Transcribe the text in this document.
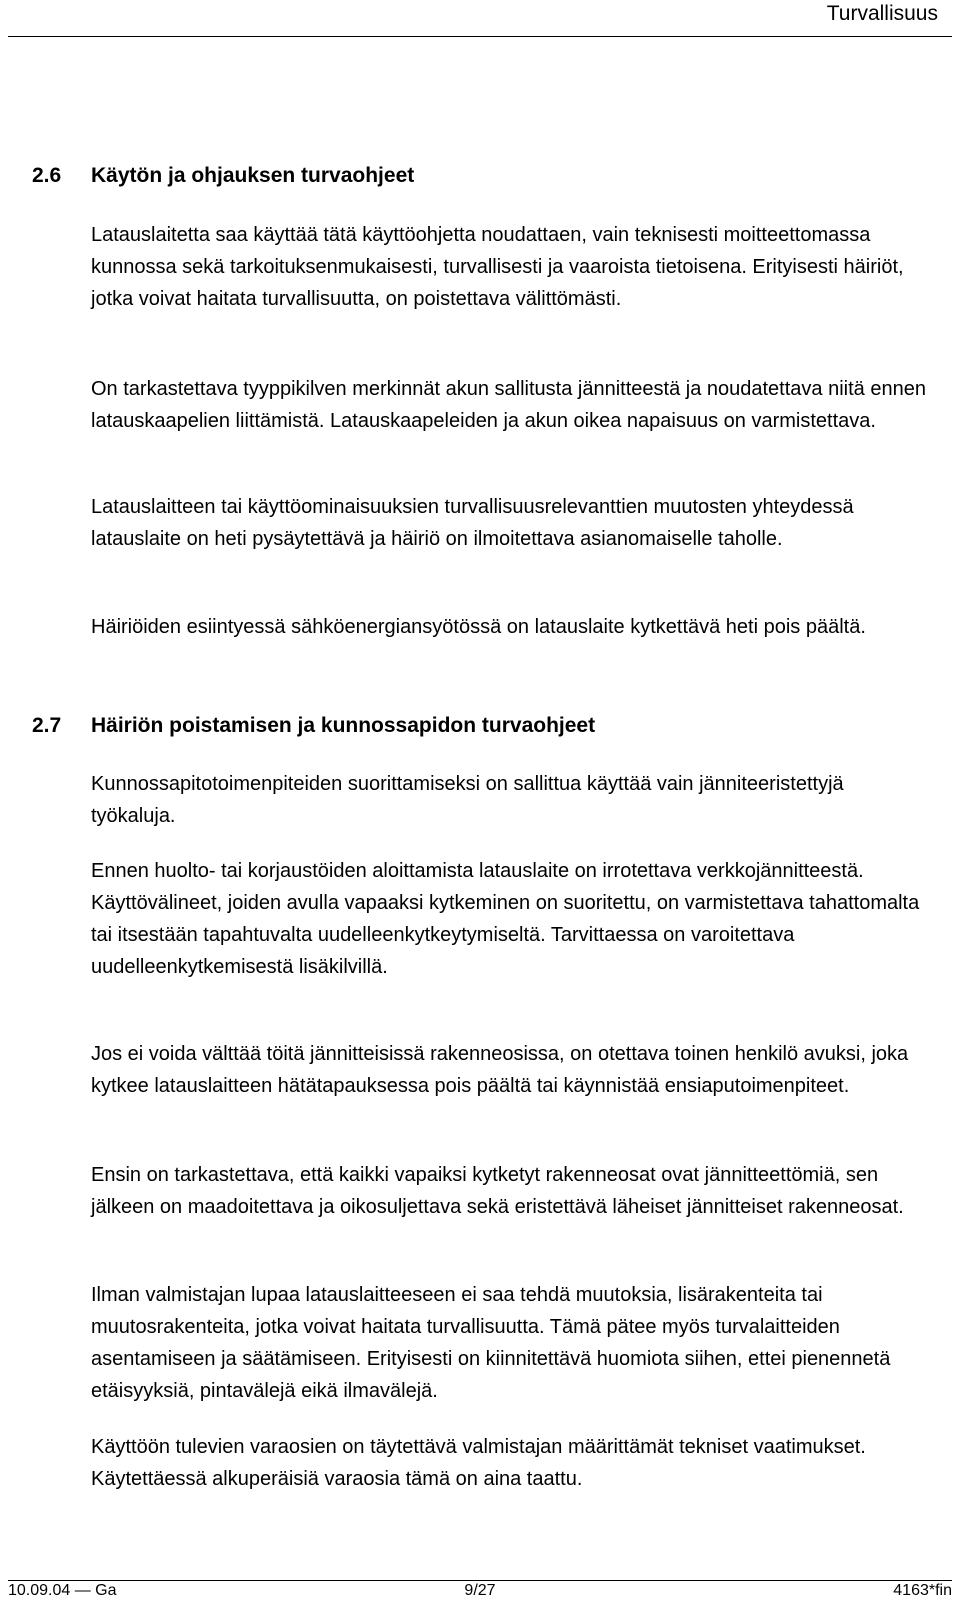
Turvallisuus
2.6 Käytön ja ohjauksen turvaohjeet

Latauslaitetta saa käyttää tätä käyttöohjetta noudattaen, vain teknisesti moitteettomassa kunnossa sekä tarkoituksenmukaisesti, turvallisesti ja vaaroista tietoisena. Erityisesti häiriöt, jotka voivat haitata turvallisuutta, on poistettava välittömästi.

On tarkastettava tyyppikilven merkinnät akun sallitusta jännitteestä ja noudatettava niitä ennen latauskaapelien liittämistä. Latauskaapeleiden ja akun oikea napaisuus on varmistettava.

Latauslaitteen tai käyttöominaisuuksien turvallisuusrelevanttien muutosten yhteydessä latauslaite on heti pysäytettävä ja häiriö on ilmoitettava asianomaiselle taholle.

Häiriöiden esiintyessä sähköenergiansyötössä on latauslaite kytkettävä heti pois päältä.

2.7 Häiriön poistamisen ja kunnossapidon turvaohjeet

Kunnossapitotoimenpiteiden suorittamiseksi on sallittua käyttää vain jänniteeristettyjä työkaluja.

Ennen huolto- tai korjaustöiden aloittamista latauslaite on irrotettava verkkojännitteestä. Käyttövälineet, joiden avulla vapaaksi kytkeminen on suoritettu, on varmistettava tahattomalta tai itsestään tapahtuvalta uudelleenkytkeytymiseltä. Tarvittaessa on varoitettava uudelleenkytkemisestä lisäkilvillä.

Jos ei voida välttää töitä jännitteisissä rakenneosissa, on otettava toinen henkilö avuksi, joka kytkee latauslaitteen hätätapauksessa pois päältä tai käynnistää ensiaputoimenpiteet.

Ensin on tarkastettava, että kaikki vapaiksi kytketyt rakenneosat ovat jännitteettömiä, sen jälkeen on maadoitettava ja oikosuljettava sekä eristettävä läheiset jännitteiset rakenneosat.

Ilman valmistajan lupaa latauslaitteeseen ei saa tehdä muutoksia, lisärakenteita tai muutosrakenteita, jotka voivat haitata turvallisuutta. Tämä pätee myös turvalaitteiden asentamiseen ja säätämiseen. Erityisesti on kiinnitettävä huomiota siihen, ettei pienennetä etäisyyksiä, pintavälejä eikä ilmavälejä.

Käyttöön tulevien varaosien on täytettävä valmistajan määrittämät tekniset vaatimukset. Käytettäessä alkuperäisiä varaosia tämä on aina taattu.

10.09.04 — Ga	9/27	4163*fin
